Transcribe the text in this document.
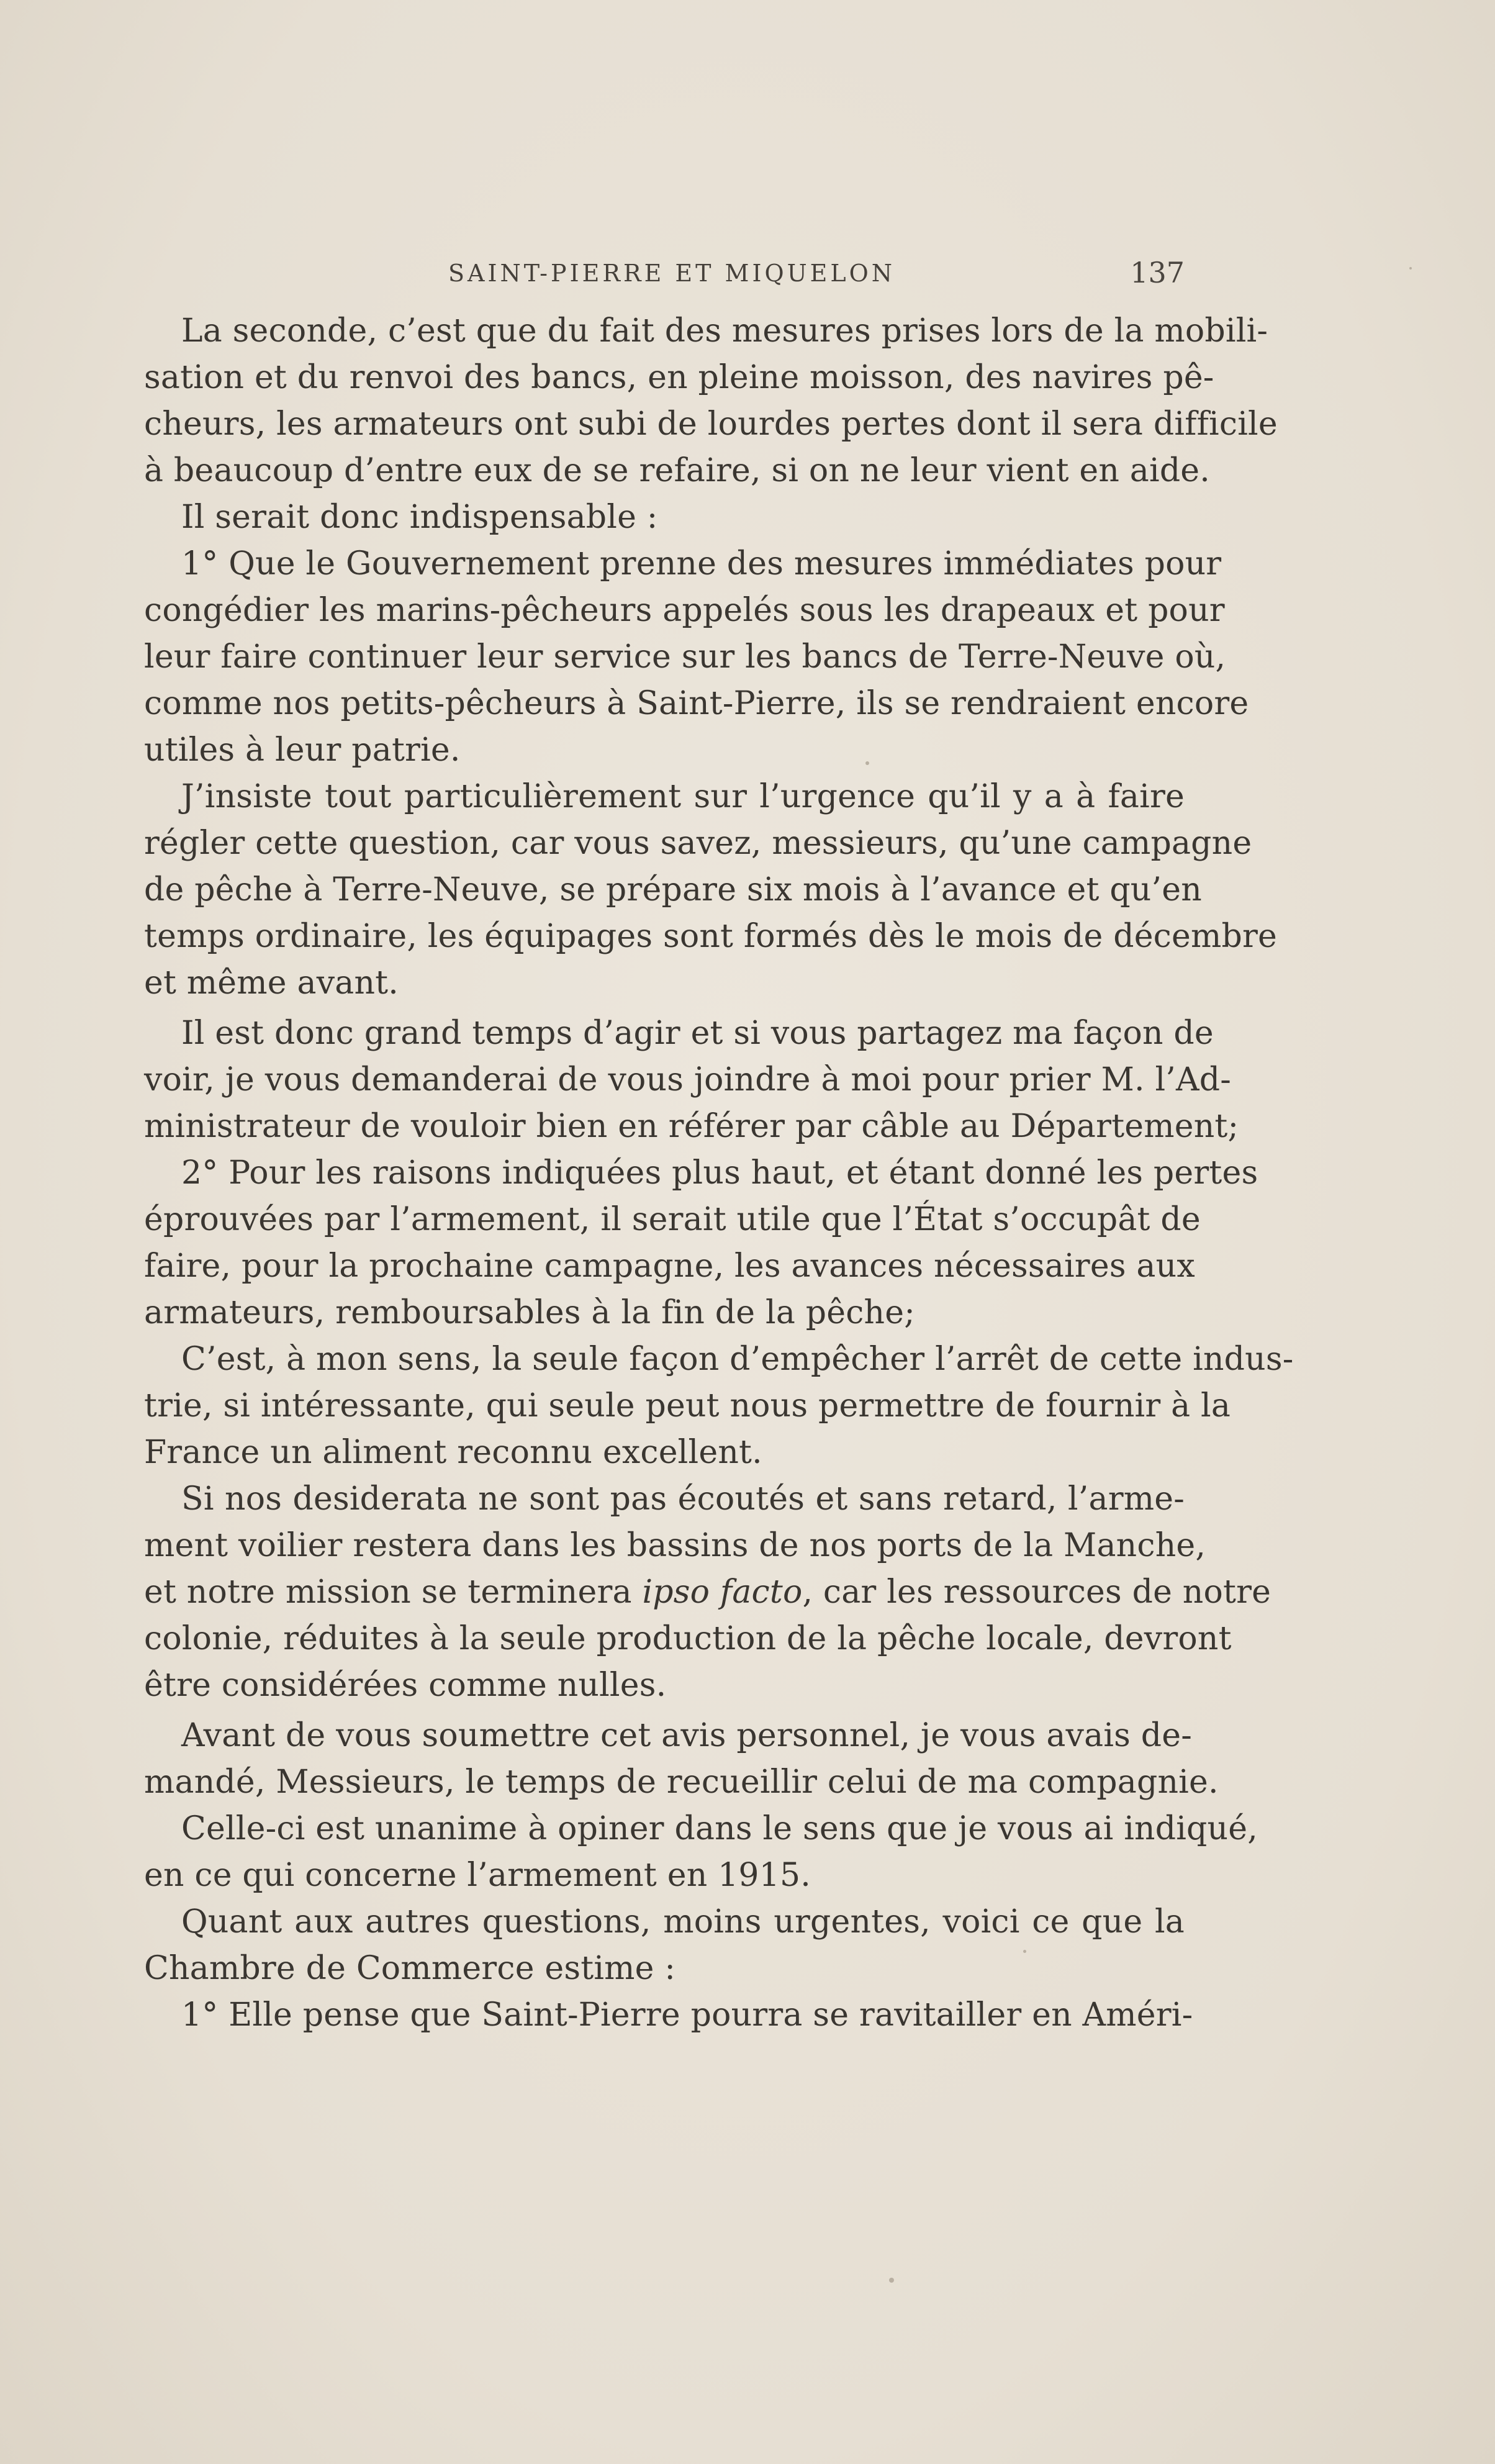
SAINT-PIERRE ET MIQUELON	137
La seconde, c’est que du fait des mesures prises lors de la mobili-
sation et du renvoi des bancs, en pleine moisson, des navires pê-
cheurs, les armateurs ont subi de lourdes pertes dont il sera difficile
à beaucoup d’entre eux de se refaire, si on ne leur vient en aide.
Il serait donc indispensable :
1° Que le Gouvernement prenne des mesures immédiates pour
congédier les marins-pêcheurs appelés sous les drapeaux et pour
leur faire continuer leur service sur les bancs de Terre-Neuve où,
comme nos petits-pêcheurs à Saint-Pierre, ils se rendraient encore
utiles à leur patrie.
J’insiste tout particulièrement sur l’urgence qu’il y a à faire
régler cette question, car vous savez, messieurs, qu’une campagne
de pêche à Terre-Neuve, se prépare six mois à l’avance et qu’en
temps ordinaire, les équipages sont formés dès le mois de décembre
et même avant.
Il est donc grand temps d’agir et si vous partagez ma façon de
voir, je vous demanderai de vous joindre à moi pour prier M. l’Ad-
ministrateur de vouloir bien en référer par câble au Département;
2° Pour les raisons indiquées plus haut, et étant donné les pertes
éprouvées par l’armement, il serait utile que l’État s’occupât de
faire, pour la prochaine campagne, les avances nécessaires aux
armateurs, remboursables à la fin de la pêche;
C’est, à mon sens, la seule façon d’empêcher l’arrêt de cette indus-
trie, si intéressante, qui seule peut nous permettre de fournir à la
France un aliment reconnu excellent.
Si nos desiderata ne sont pas écoutés et sans retard, l’arme-
ment voilier restera dans les bassins de nos ports de la Manche,
et notre mission se terminera ipso facto, car les ressources de notre
colonie, réduites à la seule production de la pêche locale, devront
être considérées comme nulles.
Avant de vous soumettre cet avis personnel, je vous avais de-
mandé, Messieurs, le temps de recueillir celui de ma compagnie.
Celle-ci est unanime à opiner dans le sens que je vous ai indiqué,
en ce qui concerne l’armement en 1915.
Quant aux autres questions, moins urgentes, voici ce que la
Chambre de Commerce estime :
1° Elle pense que Saint-Pierre pourra se ravitailler en Améri-
